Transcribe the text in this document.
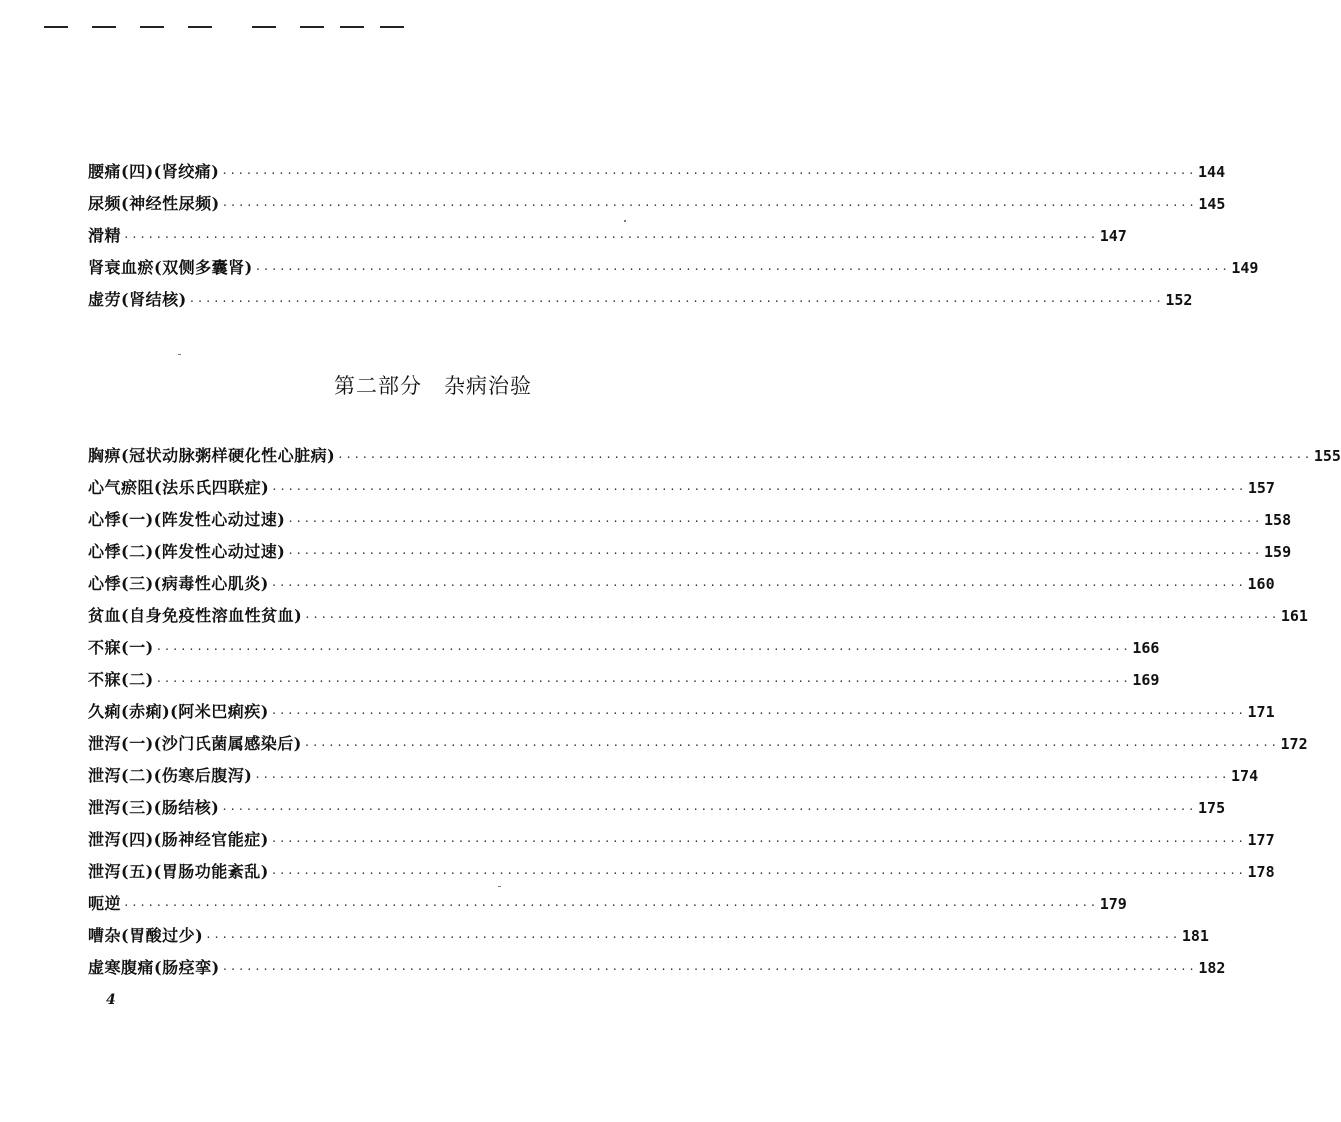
腰痛(四)(肾绞痛) ························································································································ 144
尿频(神经性尿频) ························································································································ 145
滑精 ························································································································ 147
肾衰血瘀(双侧多囊肾) ························································································································ 149
虚劳(肾结核) ························································································································ 152
第二部分　杂病治验
胸痹(冠状动脉粥样硬化性心脏病) ························································································································ 155
心气瘀阻(法乐氏四联症) ························································································································ 157
心悸(一)(阵发性心动过速) ························································································································ 158
心悸(二)(阵发性心动过速) ························································································································ 159
心悸(三)(病毒性心肌炎) ························································································································ 160
贫血(自身免疫性溶血性贫血) ························································································································ 161
不寐(一) ························································································································ 166
不寐(二) ························································································································ 169
久痢(赤痢)(阿米巴痢疾) ························································································································ 171
泄泻(一)(沙门氏菌属感染后) ························································································································ 172
泄泻(二)(伤寒后腹泻) ························································································································ 174
泄泻(三)(肠结核) ························································································································ 175
泄泻(四)(肠神经官能症) ························································································································ 177
泄泻(五)(胃肠功能紊乱) ························································································································ 178
呃逆 ························································································································ 179
嘈杂(胃酸过少) ························································································································ 181
虚寒腹痛(肠痉挛) ························································································································ 182
4
